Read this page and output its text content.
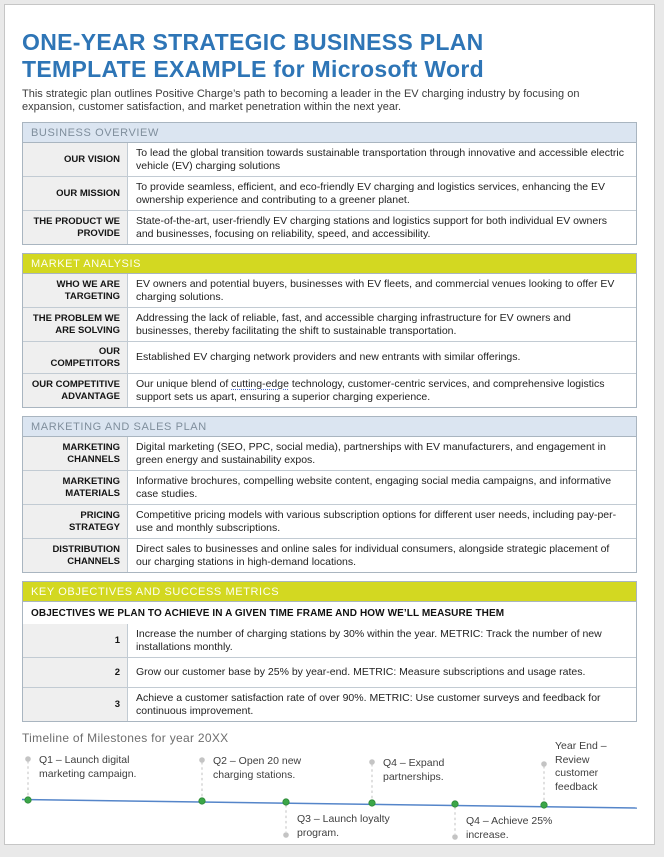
ONE-YEAR STRATEGIC BUSINESS PLAN
TEMPLATE EXAMPLE for Microsoft Word
This strategic plan outlines Positive Charge’s path to becoming a leader in the EV charging industry by focusing on expansion, customer satisfaction, and market penetration within the next year.
BUSINESS OVERVIEW
OUR VISION
To lead the global transition towards sustainable transportation through innovative and accessible electric vehicle (EV) charging solutions
OUR MISSION
To provide seamless, efficient, and eco-friendly EV charging and logistics services, enhancing the EV ownership experience and contributing to a greener planet.
THE PRODUCT WE PROVIDE
State-of-the-art, user-friendly EV charging stations and logistics support for both individual EV owners and businesses, focusing on reliability, speed, and accessibility.
MARKET ANALYSIS
WHO WE ARE TARGETING
EV owners and potential buyers, businesses with EV fleets, and commercial venues looking to offer EV charging solutions.
THE PROBLEM WE ARE SOLVING
Addressing the lack of reliable, fast, and accessible charging infrastructure for EV owners and businesses, thereby facilitating the shift to sustainable transportation.
OUR COMPETITORS	Established EV charging network providers and new entrants with similar offerings.
OUR COMPETITIVE ADVANTAGE
Our unique blend of cutting-edge technology, customer-centric services, and comprehensive logistics support sets us apart, ensuring a superior charging experience.
MARKETING AND SALES PLAN
MARKETING CHANNELS
Digital marketing (SEO, PPC, social media), partnerships with EV manufacturers, and engagement in green energy and sustainability expos.
MARKETING MATERIALS
Informative brochures, compelling website content, engaging social media campaigns, and informative case studies.
PRICING STRATEGY
Competitive pricing models with various subscription options for different user needs, including pay-per-use and monthly subscriptions.
DISTRIBUTION CHANNELS
Direct sales to businesses and online sales for individual consumers, alongside strategic placement of our charging stations in high-demand locations.
KEY OBJECTIVES AND SUCCESS METRICS
OBJECTIVES WE PLAN TO ACHIEVE IN A GIVEN TIME FRAME AND HOW WE’LL MEASURE THEM
1
Increase the number of charging stations by 30% within the year. METRIC: Track the number of new installations monthly.
2	Grow our customer base by 25% by year-end. METRIC: Measure subscriptions and usage rates.
3
Achieve a customer satisfaction rate of over 90%. METRIC: Use customer surveys and feedback for continuous improvement.
Timeline of Milestones for year 20XX
Q1 – Launch digital marketing campaign.
Q2 – Open 20 new charging stations.
Q3 – Launch loyalty program.
Q4 – Expand partnerships.
Q4 – Achieve 25% increase.
Year End – Review customer feedback
